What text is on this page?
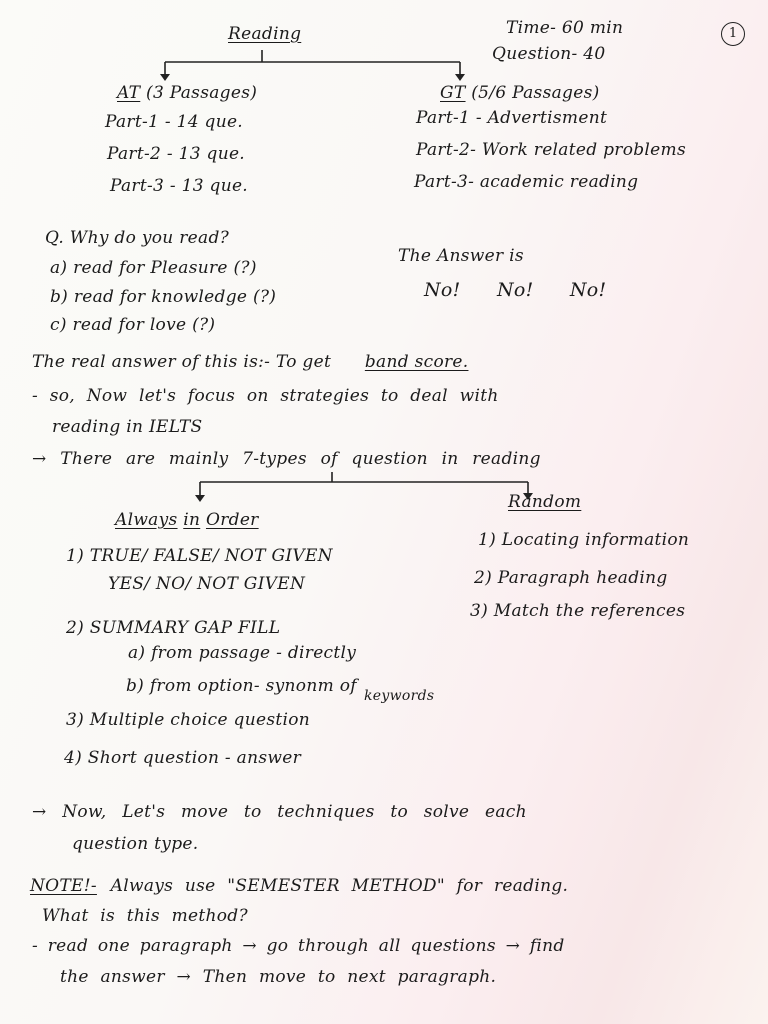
1
Reading	Time- 60 min
Question- 40
AT (3 Passages)
Part-1 - 14 que.
Part-2 - 13 que.
Part-3 - 13 que.
GT (5/6 Passages)
Part-1 - Advertisment
Part-2- Work related problems
Part-3- academic reading
Q. Why do you read?
a) read for Pleasure (?)
b) read for knowledge (?)
c) read for love (?)
The Answer is
No! No! No!
The real answer of this is:- To get band score.
- so, Now let's focus on strategies to deal with
reading in IELTS
→ There are mainly 7-types of question in reading
Always in Order
1) TRUE/ FALSE/ NOT GIVEN
YES/ NO/ NOT GIVEN
2) SUMMARY GAP FILL
a) from passage - directly
b) from option- synonm of keywords
3) Multiple choice question
4) Short question - answer
Random
1) Locating information
2) Paragraph heading
3) Match the references
→ Now, Let's move to techniques to solve each
question type.
NOTE!- Always use "SEMESTER METHOD" for reading.
What is this method?
- read one paragraph → go through all questions → find
the answer → Then move to next paragraph.
